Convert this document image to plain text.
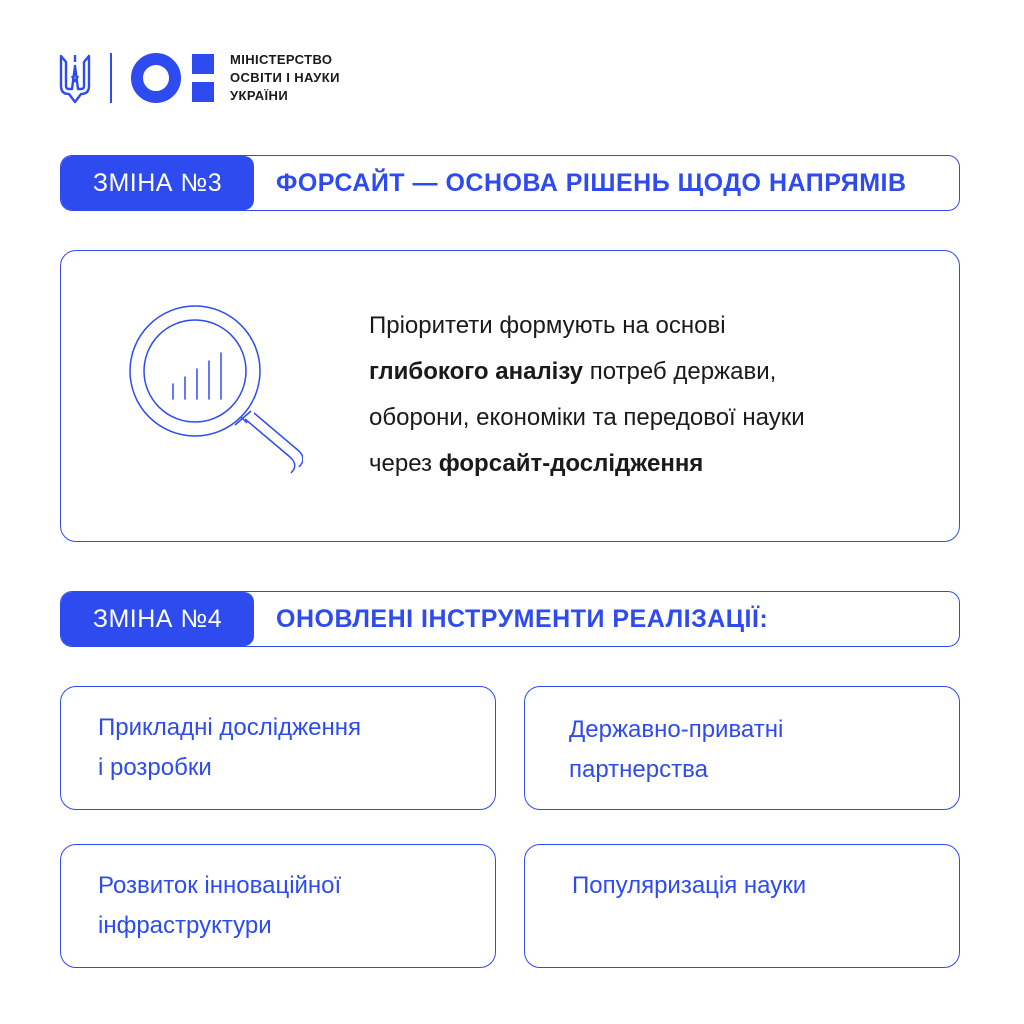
МІНІСТЕРСТВО
ОСВІТИ І НАУКИ
УКРАЇНИ
ЗМІНА №3	ФОРСАЙТ — ОСНОВА РІШЕНЬ ЩОДО НАПРЯМІВ
Пріоритети формують на основі
глибокого аналізу потреб держави,
оборони, економіки та передової науки
через форсайт-дослідження
ЗМІНА №4	ОНОВЛЕНІ ІНСТРУМЕНТИ РЕАЛІЗАЦІЇ:
Прикладні дослідження
і розробки
Державно-приватні
партнерства
Розвиток інноваційної
інфраструктури
Популяризація науки
